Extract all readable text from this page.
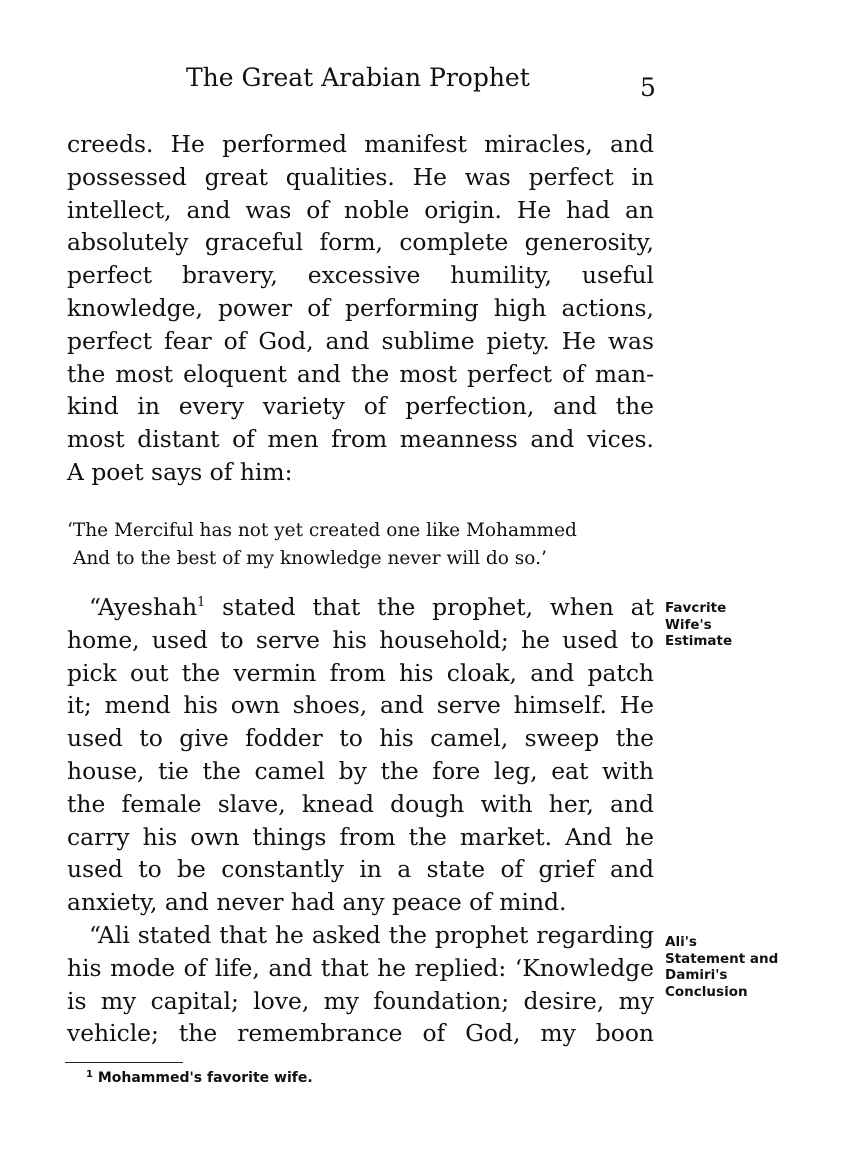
The Great Arabian Prophet	5
creeds. He performed manifest miracles, and
possessed great qualities. He was perfect in
intellect, and was of noble origin. He had an
absolutely graceful form, complete generosity,
perfect bravery, excessive humility, useful
knowledge, power of performing high actions,
perfect fear of God, and sublime piety. He was
the most eloquent and the most perfect of man-
kind in every variety of perfection, and the
most distant of men from meanness and vices.
A poet says of him:
‘The Merciful has not yet created one like Mohammed
And to the best of my knowledge never will do so.’
“Ayeshah$^1$ stated that the prophet, when at
home, used to serve his household; he used to
pick out the vermin from his cloak, and patch
it; mend his own shoes, and serve himself. He
used to give fodder to his camel, sweep the
house, tie the camel by the fore leg, eat with
the female slave, knead dough with her, and
carry his own things from the market. And he
used to be constantly in a state of grief and
anxiety, and never had any peace of mind.
“Ali stated that he asked the prophet regarding
his mode of life, and that he replied: ‘Knowledge
is my capital; love, my foundation; desire, my
vehicle; the remembrance of God, my boon
Favcrite
Wife's
Estimate
Ali's
Statement and
Damiri's
Conclusion
$^1$ Mohammed's favorite wife.
